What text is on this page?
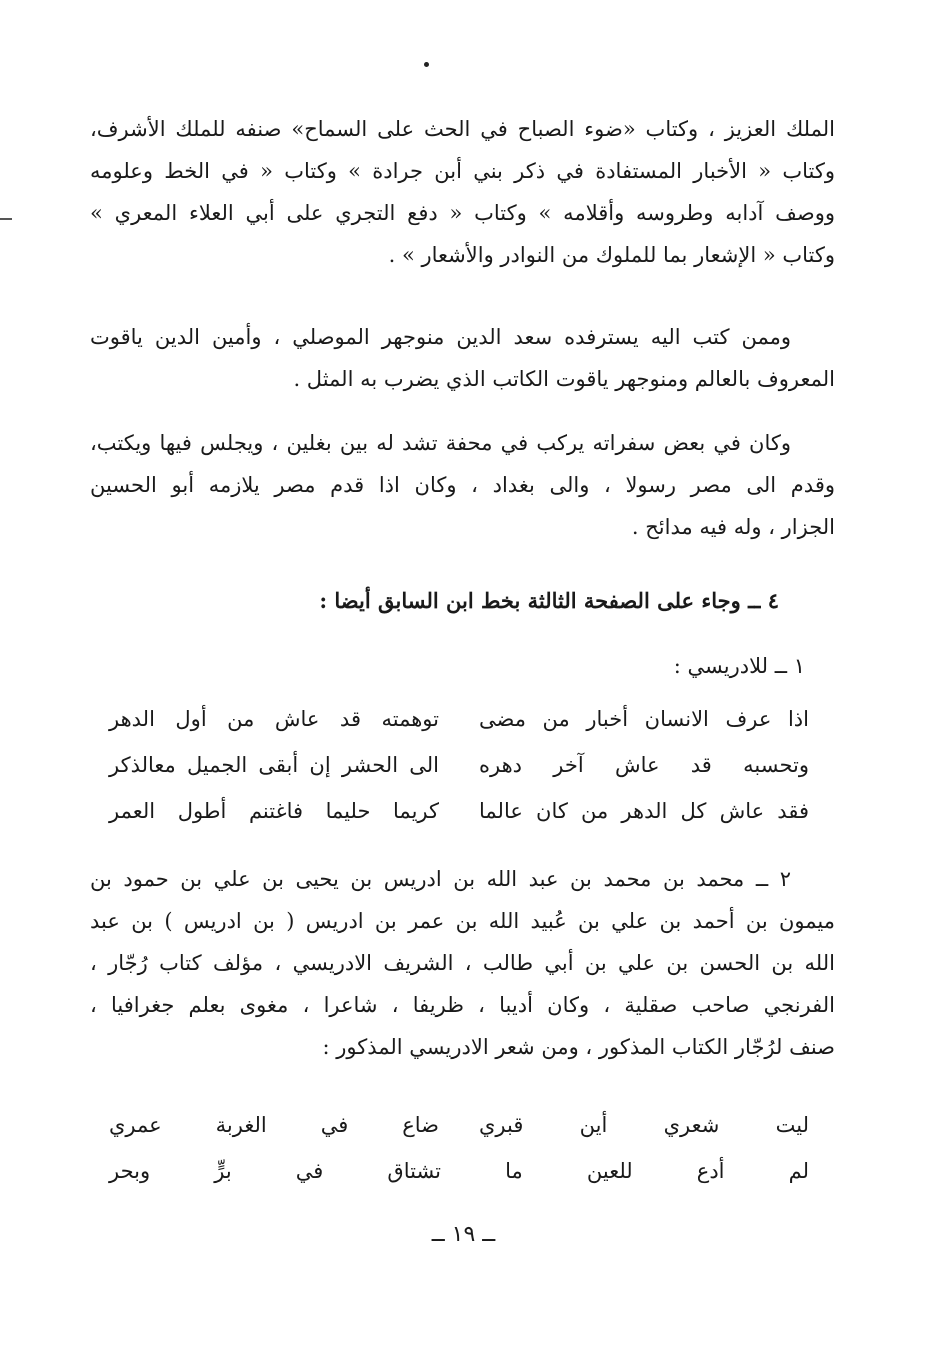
الملك العزيز ، وكتاب «ضوء الصباح في الحث على السماح» صنفه للملك الأشرف،
وكتاب « الأخبار المستفادة في ذكر بني أبن جرادة » وكتاب « في الخط وعلومه
ووصف آدابه وطروسه وأقلامه » وكتاب « دفع التجري على أبي العلاء المعري »
وكتاب « الإشعار بما للملوك من النوادر والأشعار » .
وممن كتب اليه يسترفده سعد الدين منوجهر الموصلي ، وأمين الدين ياقوت
المعروف بالعالم ومنوجهر ياقوت الكاتب الذي يضرب به المثل .
وكان في بعض سفراته يركب في محفة تشد له بين بغلين ، ويجلس فيها ويكتب،
وقدم الى مصر رسولا ، والى بغداد ، وكان اذا قدم مصر يلازمه أبو الحسين
الجزار ، وله فيه مدائح .
٤ ــ وجاء على الصفحة الثالثة بخط ابن السابق أيضا :
١ ــ للادريسي :
اذا عرف الانسان أخبار من مضى
توهمته قد عاش من أول الدهر
وتحسبه قد عاش آخر دهره
الى الحشر إن أبقى الجميل معالذكر
فقد عاش كل الدهر من كان عالما
كريما حليما فاغتنم أطول العمر
٢ ــ محمد بن محمد بن عبد الله بن ادريس بن يحيى بن علي بن حمود بن
ميمون بن أحمد بن علي بن عُبيد الله بن عمر بن ادريس ( بن ادريس ) بن عبد
الله بن الحسن بن علي بن أبي طالب ، الشريف الادريسي ، مؤلف كتاب رُجّار ،
الفرنجي صاحب صقلية ، وكان أديبا ، ظريفا ، شاعرا ، مغوى بعلم جغرافيا ،
صنف لرُجّار الكتاب المذكور ، ومن شعر الادريسي المذكور :
ليت شعري أين قبري
ضاع في الغربة عمري
لم أدع للعين ما تشتاق في برٍّ وبحر
ــ ١٩ ــ
